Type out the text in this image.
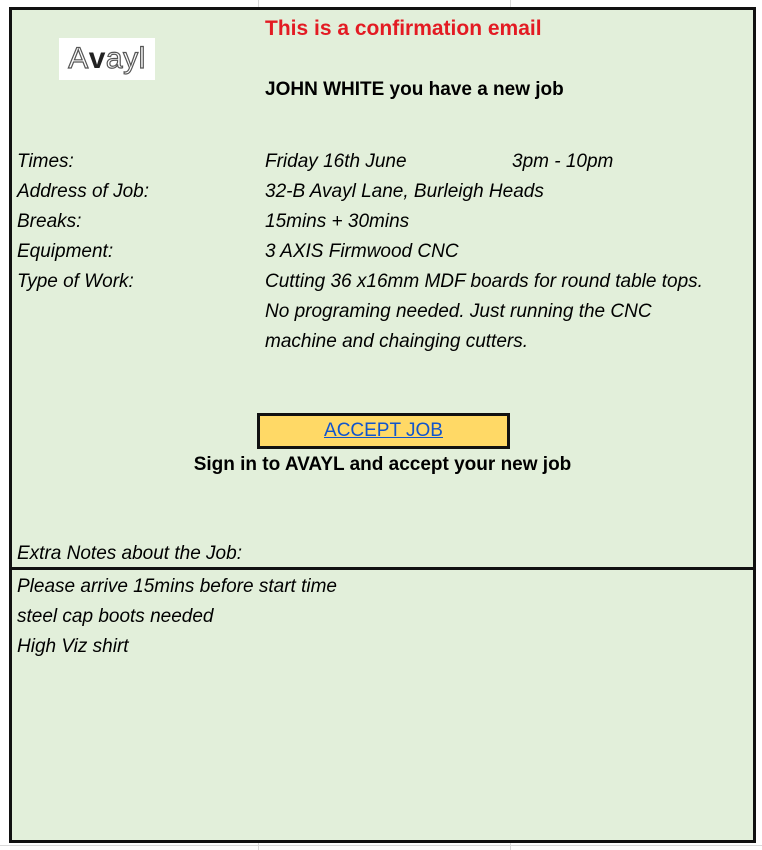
A v ayl
This is a confirmation email
JOHN WHITE you have a new job
Times:
Address of Job:
Breaks:
Equipment:
Type of Work:
Friday 16th June	3pm - 10pm
32-B Avayl Lane, Burleigh Heads
15mins + 30mins
3 AXIS Firmwood CNC
Cutting 36 x16mm MDF boards for round table tops. No programing needed. Just running the CNC machine and chainging cutters.
ACCEPT JOB
Sign in to AVAYL and accept your new job
Extra Notes about the Job:
Please arrive 15mins before start time
steel cap boots needed
High Viz shirt
